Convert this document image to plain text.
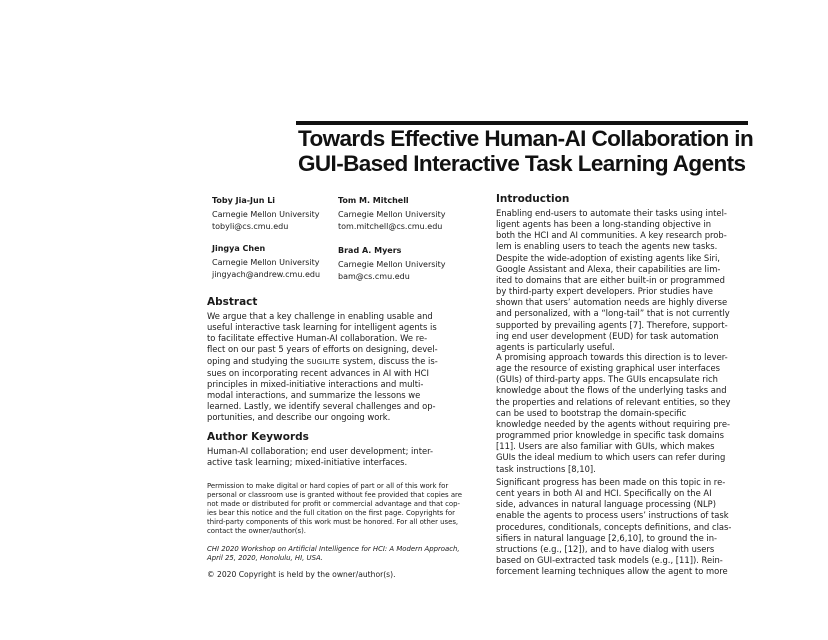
Towards Effective Human-AI Collaboration in
GUI-Based Interactive Task Learning Agents
Toby Jia-Jun Li
Carnegie Mellon University
tobyli@cs.cmu.edu
Tom M. Mitchell
Carnegie Mellon University
tom.mitchell@cs.cmu.edu
Jingya Chen
Carnegie Mellon University
jingyach@andrew.cmu.edu
Brad A. Myers
Carnegie Mellon University
bam@cs.cmu.edu
Abstract
We argue that a key challenge in enabling usable and
useful interactive task learning for intelligent agents is
to facilitate effective Human-AI collaboration. We re-
flect on our past 5 years of efforts on designing, devel-
oping and studying the SUGILITE system, discuss the is-
sues on incorporating recent advances in AI with HCI
principles in mixed-initiative interactions and multi-
modal interactions, and summarize the lessons we
learned. Lastly, we identify several challenges and op-
portunities, and describe our ongoing work.
Author Keywords
Human-AI collaboration; end user development; inter-
active task learning; mixed-initiative interfaces.
Permission to make digital or hard copies of part or all of this work for
personal or classroom use is granted without fee provided that copies are
not made or distributed for profit or commercial advantage and that cop-
ies bear this notice and the full citation on the first page. Copyrights for
third-party components of this work must be honored. For all other uses,
contact the owner/author(s).
CHI 2020 Workshop on Artificial Intelligence for HCI: A Modern Approach,
April 25, 2020, Honolulu, HI, USA.
© 2020 Copyright is held by the owner/author(s).
Introduction
Enabling end-users to automate their tasks using intel-
ligent agents has been a long-standing objective in
both the HCI and AI communities. A key research prob-
lem is enabling users to teach the agents new tasks.
Despite the wide-adoption of existing agents like Siri,
Google Assistant and Alexa, their capabilities are lim-
ited to domains that are either built-in or programmed
by third-party expert developers. Prior studies have
shown that users’ automation needs are highly diverse
and personalized, with a “long-tail” that is not currently
supported by prevailing agents [7]. Therefore, support-
ing end user development (EUD) for task automation
agents is particularly useful.
A promising approach towards this direction is to lever-
age the resource of existing graphical user interfaces
(GUIs) of third-party apps. The GUIs encapsulate rich
knowledge about the flows of the underlying tasks and
the properties and relations of relevant entities, so they
can be used to bootstrap the domain-specific
knowledge needed by the agents without requiring pre-
programmed prior knowledge in specific task domains
[11]. Users are also familiar with GUIs, which makes
GUIs the ideal medium to which users can refer during
task instructions [8,10].
Significant progress has been made on this topic in re-
cent years in both AI and HCI. Specifically on the AI
side, advances in natural language processing (NLP)
enable the agents to process users’ instructions of task
procedures, conditionals, concepts definitions, and clas-
sifiers in natural language [2,6,10], to ground the in-
structions (e.g., [12]), and to have dialog with users
based on GUI-extracted task models (e.g., [11]). Rein-
forcement learning techniques allow the agent to more
